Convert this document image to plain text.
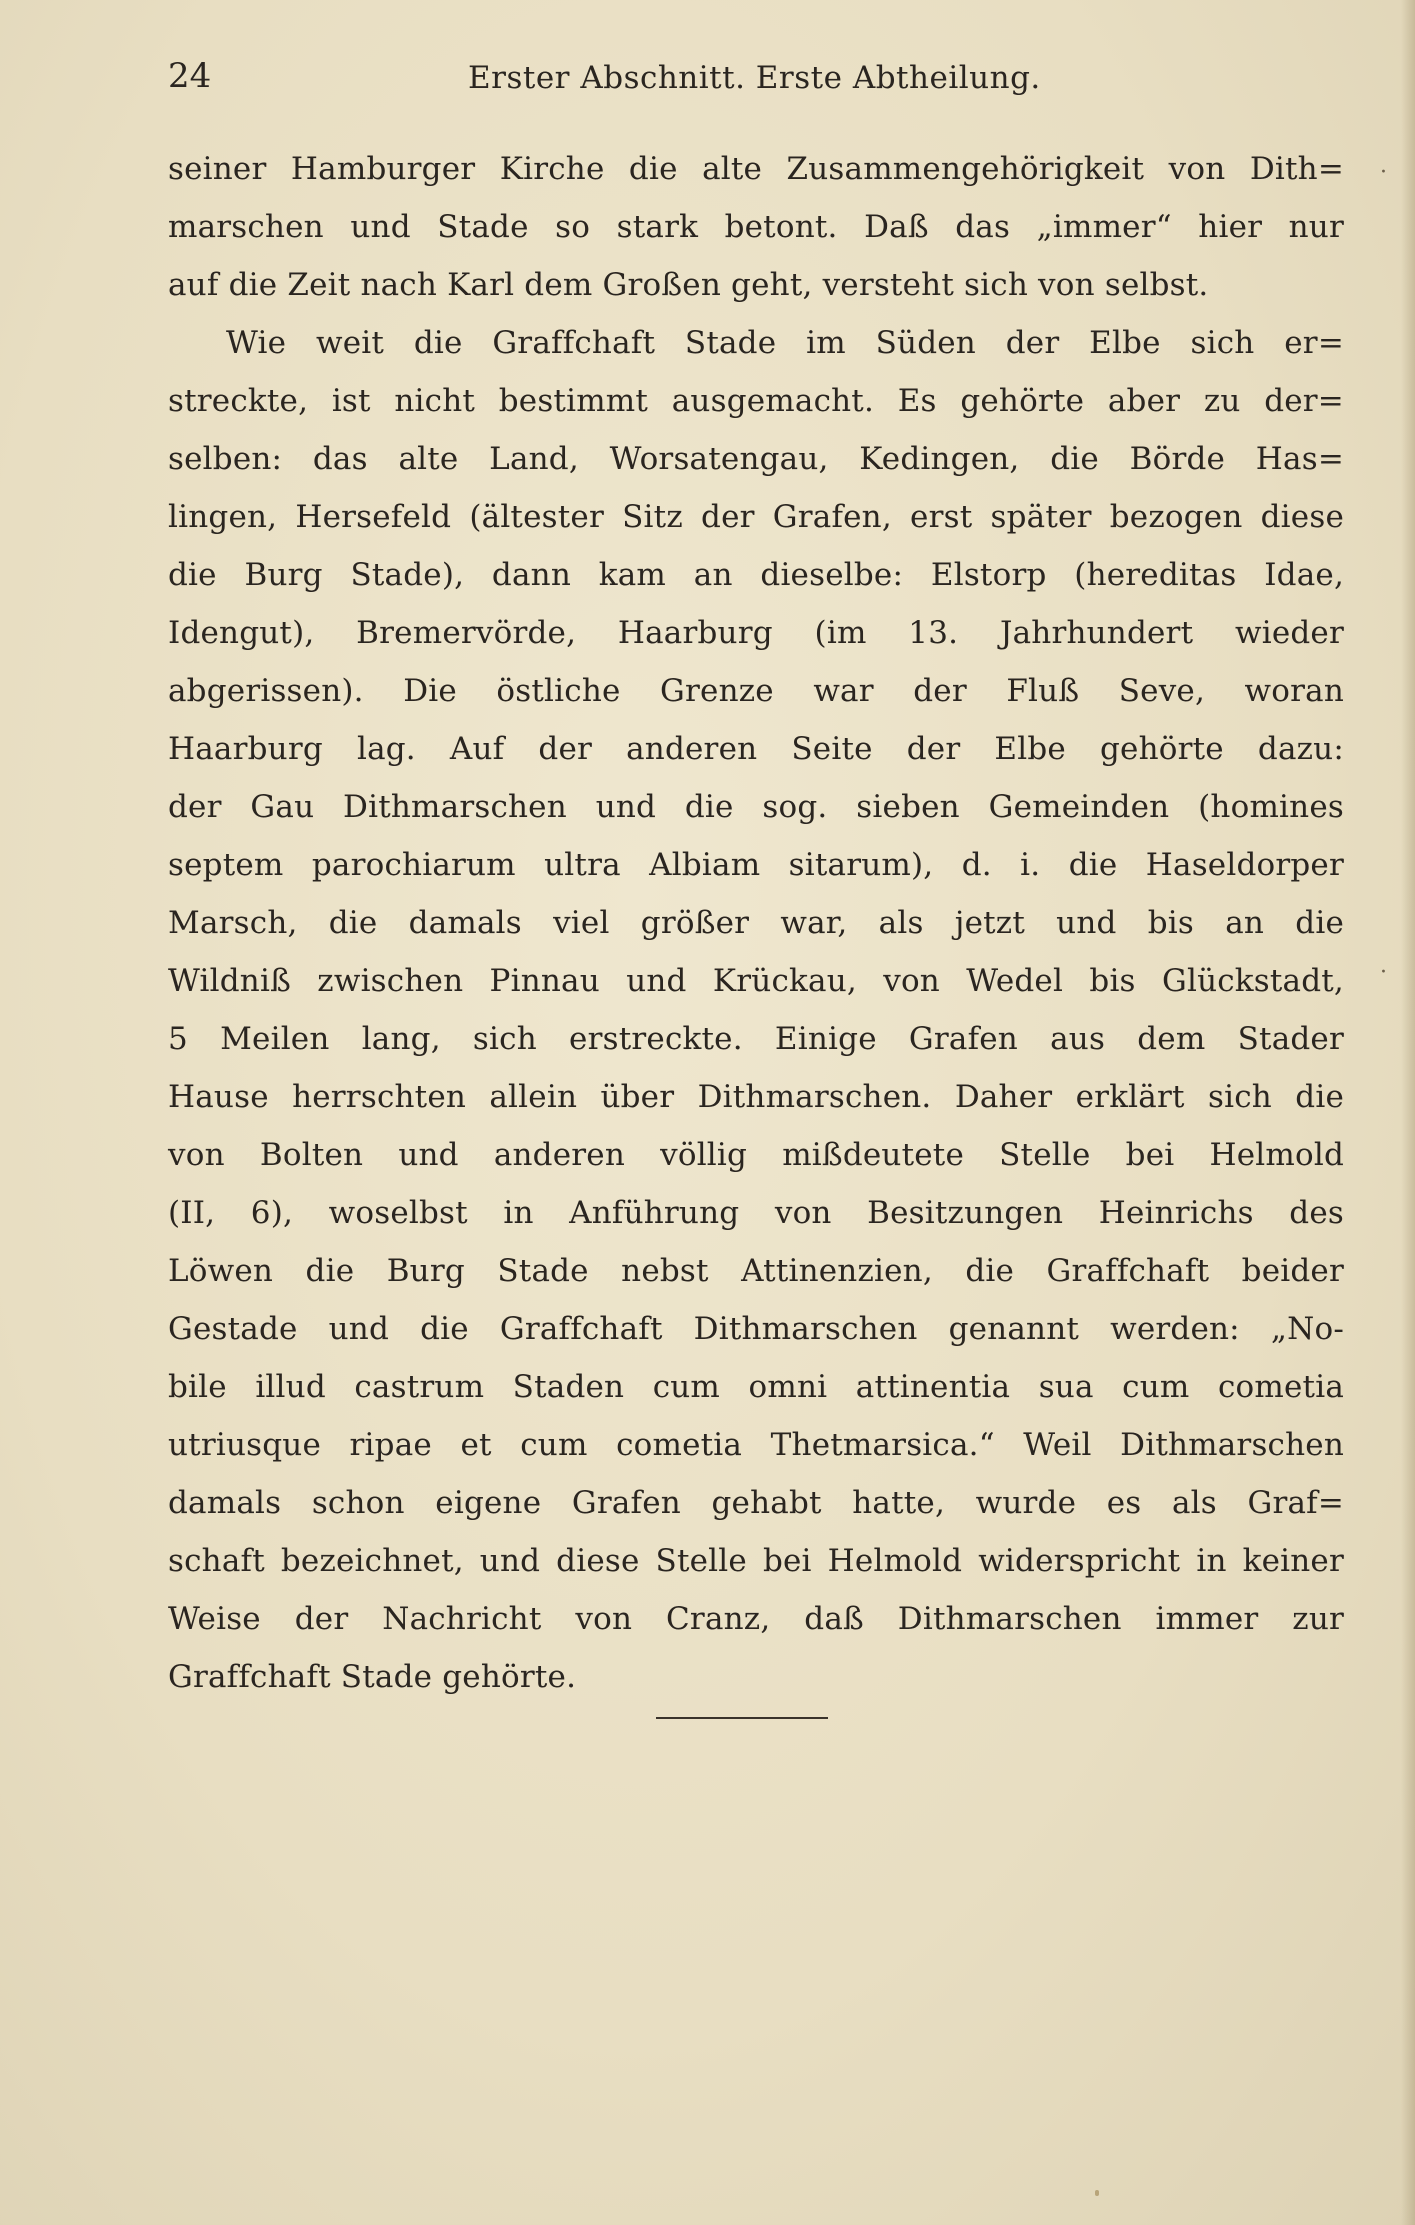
24	Erster Abschnitt. Erste Abtheilung.
seiner Hamburger Kirche die alte Zusammengehörigkeit von Dith=
marschen und Stade so stark betont. Daß das „immer“ hier nur
auf die Zeit nach Karl dem Großen geht, versteht sich von selbst.
Wie weit die Graffchaft Stade im Süden der Elbe sich er=
streckte, ist nicht bestimmt ausgemacht. Es gehörte aber zu der=
selben: das alte Land, Worsatengau, Kedingen, die Börde Has=
lingen, Hersefeld (ältester Sitz der Grafen, erst später bezogen diese
die Burg Stade), dann kam an dieselbe: Elstorp (hereditas Idae,
Idengut), Bremervörde, Haarburg (im 13. Jahrhundert wieder
abgerissen). Die östliche Grenze war der Fluß Seve, woran
Haarburg lag. Auf der anderen Seite der Elbe gehörte dazu:
der Gau Dithmarschen und die sog. sieben Gemeinden (homines
septem parochiarum ultra Albiam sitarum), d. i. die Haseldorper
Marsch, die damals viel größer war, als jetzt und bis an die
Wildniß zwischen Pinnau und Krückau, von Wedel bis Glückstadt,
5 Meilen lang, sich erstreckte. Einige Grafen aus dem Stader
Hause herrschten allein über Dithmarschen. Daher erklärt sich die
von Bolten und anderen völlig mißdeutete Stelle bei Helmold
(II, 6), woselbst in Anführung von Besitzungen Heinrichs des
Löwen die Burg Stade nebst Attinenzien, die Graffchaft beider
Gestade und die Graffchaft Dithmarschen genannt werden: „No-
bile illud castrum Staden cum omni attinentia sua cum cometia
utriusque ripae et cum cometia Thetmarsica.“ Weil Dithmarschen
damals schon eigene Grafen gehabt hatte, wurde es als Graf=
schaft bezeichnet, und diese Stelle bei Helmold widerspricht in keiner
Weise der Nachricht von Cranz, daß Dithmarschen immer zur
Graffchaft Stade gehörte.
·
·
